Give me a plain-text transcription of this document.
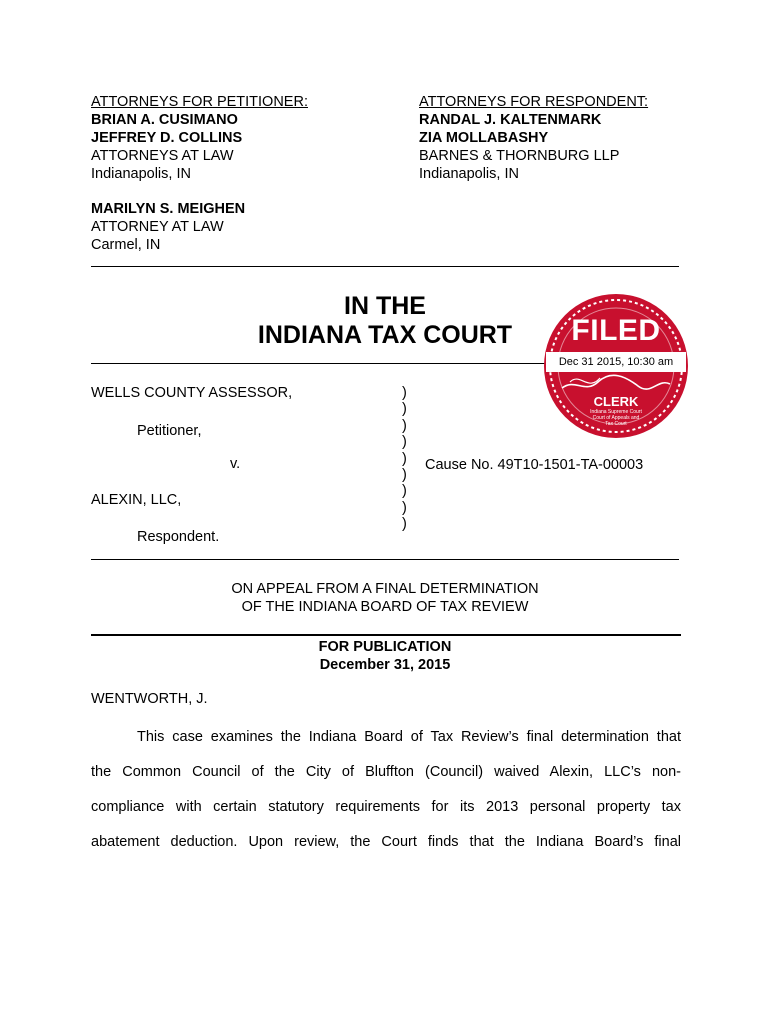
ATTORNEYS FOR PETITIONER:
BRIAN A. CUSIMANO
JEFFREY D. COLLINS
ATTORNEYS AT LAW
Indianapolis, IN
MARILYN S. MEIGHEN
ATTORNEY AT LAW
Carmel, IN
ATTORNEYS FOR RESPONDENT:
RANDAL J. KALTENMARK
ZIA MOLLABASHY
BARNES & THORNBURG LLP
Indianapolis, IN
IN THE
INDIANA TAX COURT	FILED
Dec 31 2015, 10:30 am
CLERK
Indiana Supreme Court
Court of Appeals and
Tax Court
WELLS COUNTY ASSESSOR,
Petitioner,
v.
ALEXIN, LLC,
Respondent.
)
)
)
)
)
)
)
)
)
Cause No. 49T10-1501-TA-00003
ON APPEAL FROM A FINAL DETERMINATION
OF THE INDIANA BOARD OF TAX REVIEW
FOR PUBLICATION
December 31, 2015
WENTWORTH, J.
This case examines the Indiana Board of Tax Review’s final determination that
the Common Council of the City of Bluffton (Council) waived Alexin, LLC’s non-
compliance with certain statutory requirements for its 2013 personal property tax
abatement deduction. Upon review, the Court finds that the Indiana Board’s final
